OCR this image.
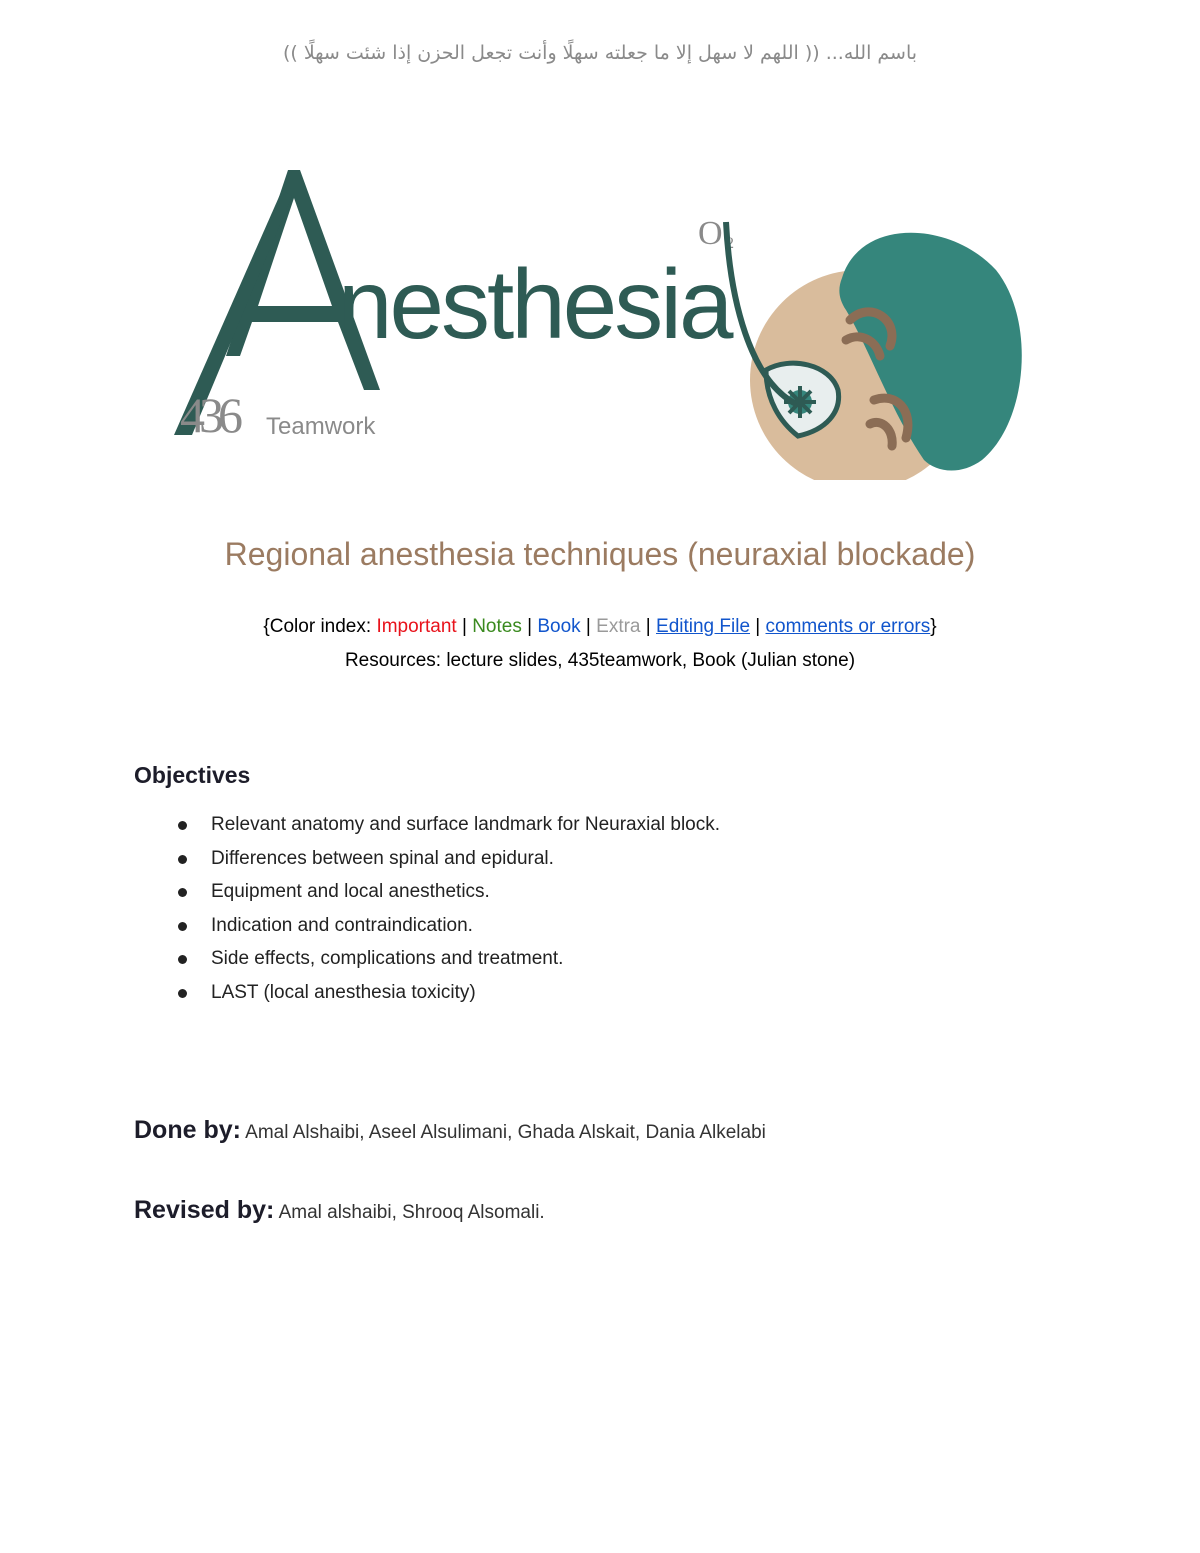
باسم الله... (( اللهم لا سهل إلا ما جعلته سهلًا وأنت تجعل الحزن إذا شئت سهلًا ))
nesthesia
O 2
436 Teamwork
Regional anesthesia techniques (neuraxial blockade)
{Color index: Important | Notes | Book | Extra | Editing File | comments or errors}
Resources: lecture slides, 435teamwork, Book (Julian stone)
Objectives
Relevant anatomy and surface landmark for Neuraxial block.
Differences between spinal and epidural.
Equipment and local anesthetics.
Indication and contraindication.
Side effects, complications and treatment.
LAST (local anesthesia toxicity)
Done by: Amal Alshaibi, Aseel Alsulimani, Ghada Alskait, Dania Alkelabi
Revised by: Amal alshaibi, Shrooq Alsomali.
